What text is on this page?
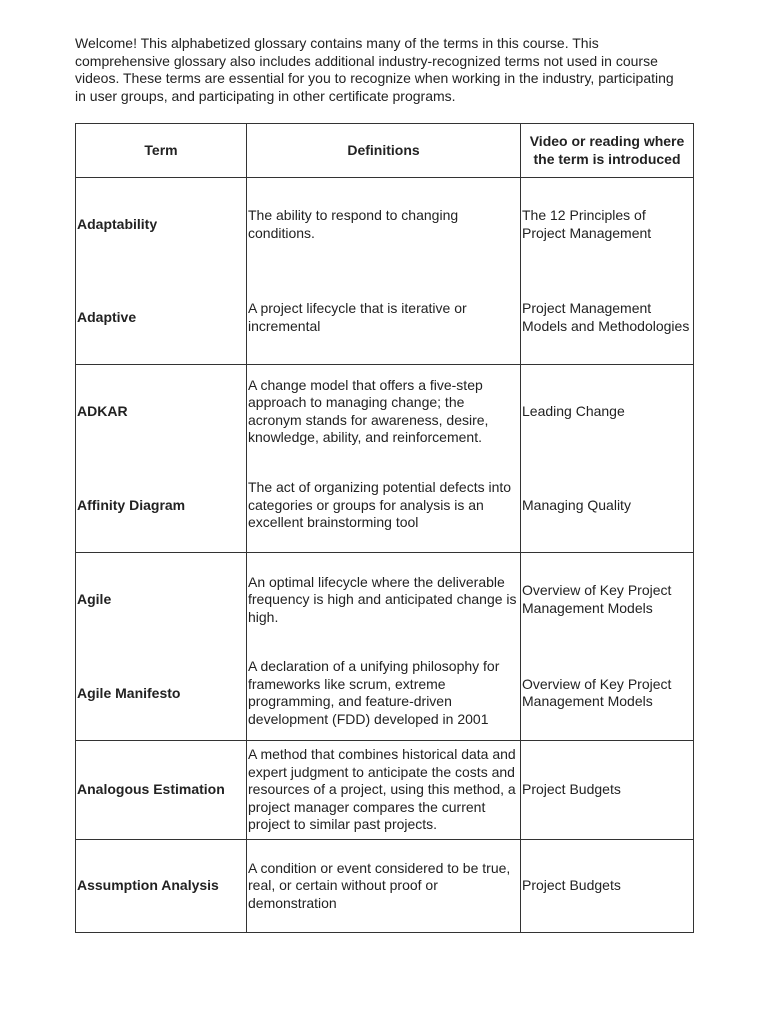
Welcome! This alphabetized glossary contains many of the terms in this course. This comprehensive glossary also includes additional industry-recognized terms not used in course videos. These terms are essential for you to recognize when working in the industry, participating in user groups, and participating in other certificate programs.

Term	Definitions	Video or reading where the term is introduced
Adaptability	The ability to respond to changing conditions.	The 12 Principles of Project Management
Adaptive	A project lifecycle that is iterative or incremental	Project Management Models and Methodologies
ADKAR	A change model that offers a five-step approach to managing change; the acronym stands for awareness, desire, knowledge, ability, and reinforcement.	Leading Change
Affinity Diagram	The act of organizing potential defects into categories or groups for analysis is an excellent brainstorming tool	Managing Quality
Agile	An optimal lifecycle where the deliverable frequency is high and anticipated change is high.	Overview of Key Project Management Models
Agile Manifesto	A declaration of a unifying philosophy for frameworks like scrum, extreme programming, and feature-driven development (FDD) developed in 2001	Overview of Key Project Management Models
Analogous Estimation	A method that combines historical data and expert judgment to anticipate the costs and resources of a project, using this method, a project manager compares the current project to similar past projects.	Project Budgets
Assumption Analysis	A condition or event considered to be true, real, or certain without proof or demonstration	Project Budgets
